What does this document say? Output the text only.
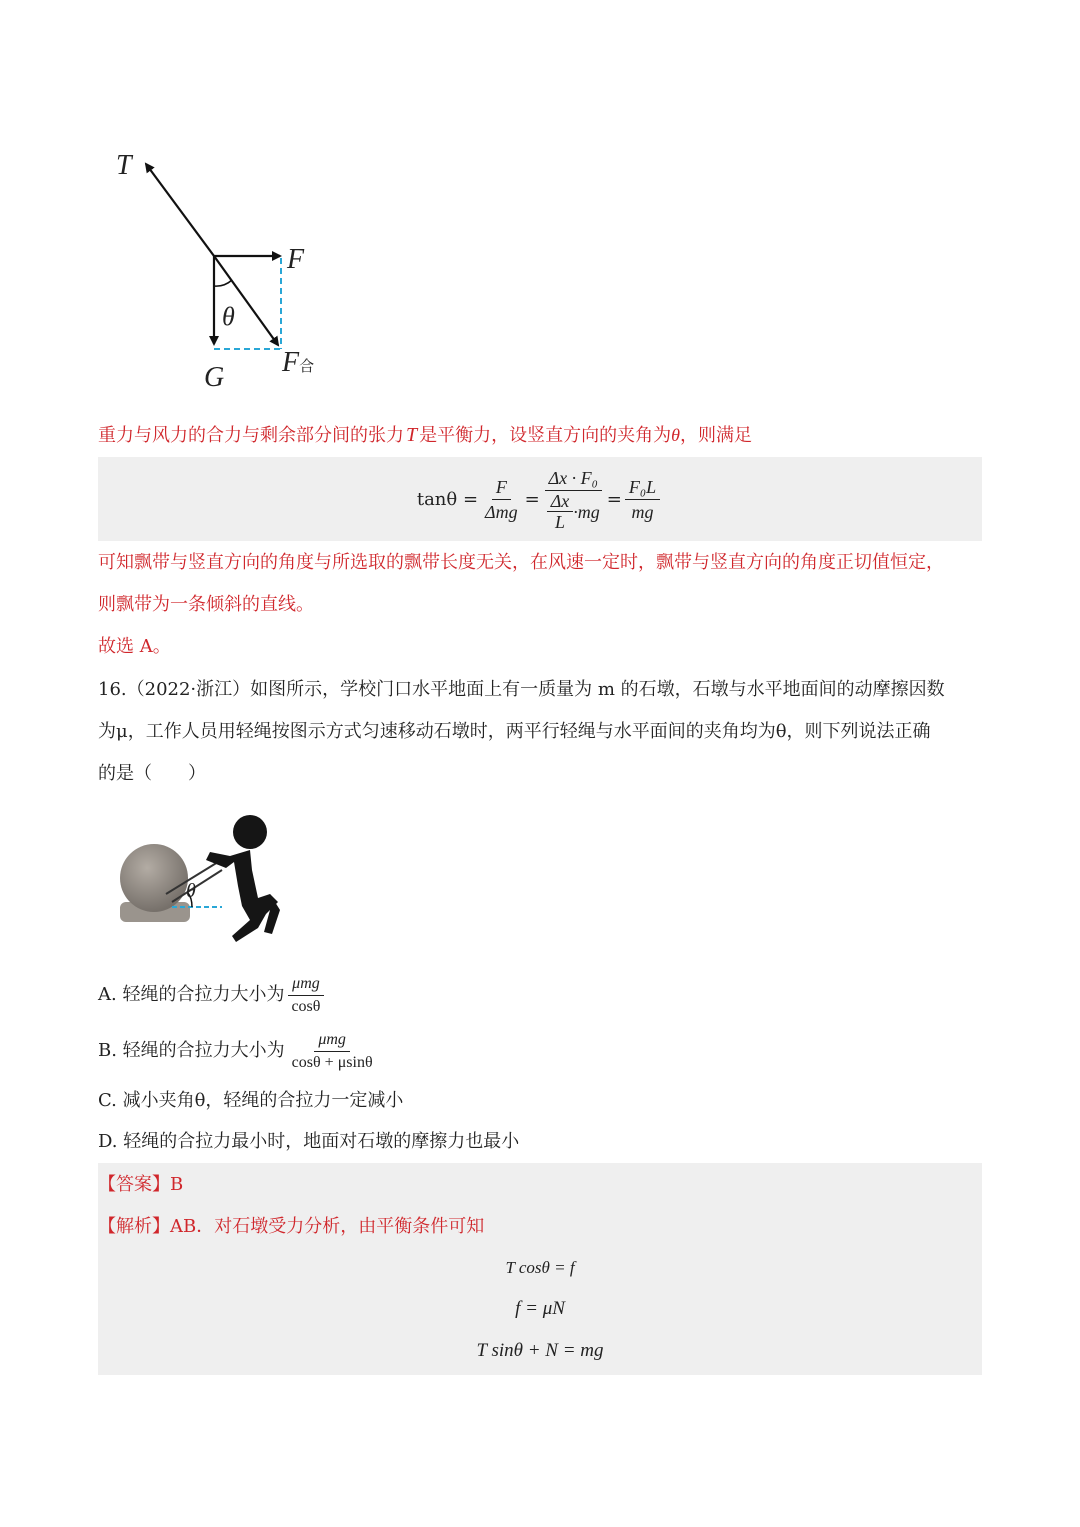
T
F
θ
G F合
重力与风力的合力与剩余部分间的张力 T 是平衡力，设竖直方向的夹角为θ，则满足
$\tan\theta = \frac{F}{\text{Δmg}} = \frac{\text{Δx · F₀}}{\frac{\Delta x}{L} \cdot mg} = \frac{\text{F₀L}}{mg}$
可知飘带与竖直方向的角度与所选取的飘带长度无关，在风速一定时，飘带与竖直方向的角度正切值恒定，
则飘带为一条倾斜的直线。
故选 A。
16.（2022·浙江）如图所示，学校门口水平地面上有一质量为 m 的石墩，石墩与水平地面间的动摩擦因数
为μ，工作人员用轻绳按图示方式匀速移动石墩时，两平行轻绳与水平面间的夹角均为θ，则下列说法正确
的是（　　）
θ
A. 轻绳的合拉力大小为 $\frac{\text{μmg}}{\cos\theta}$
B. 轻绳的合拉力大小为 $\frac{\text{μmg}}{\cos\theta + \mu\sin\theta}$
C. 减小夹角θ，轻绳的合拉力一定减小
D. 轻绳的合拉力最小时，地面对石墩的摩擦力也最小
【答案】B
【解析】AB．对石墩受力分析，由平衡条件可知
T cosθ = f
f = μN
T sinθ + N = mg
